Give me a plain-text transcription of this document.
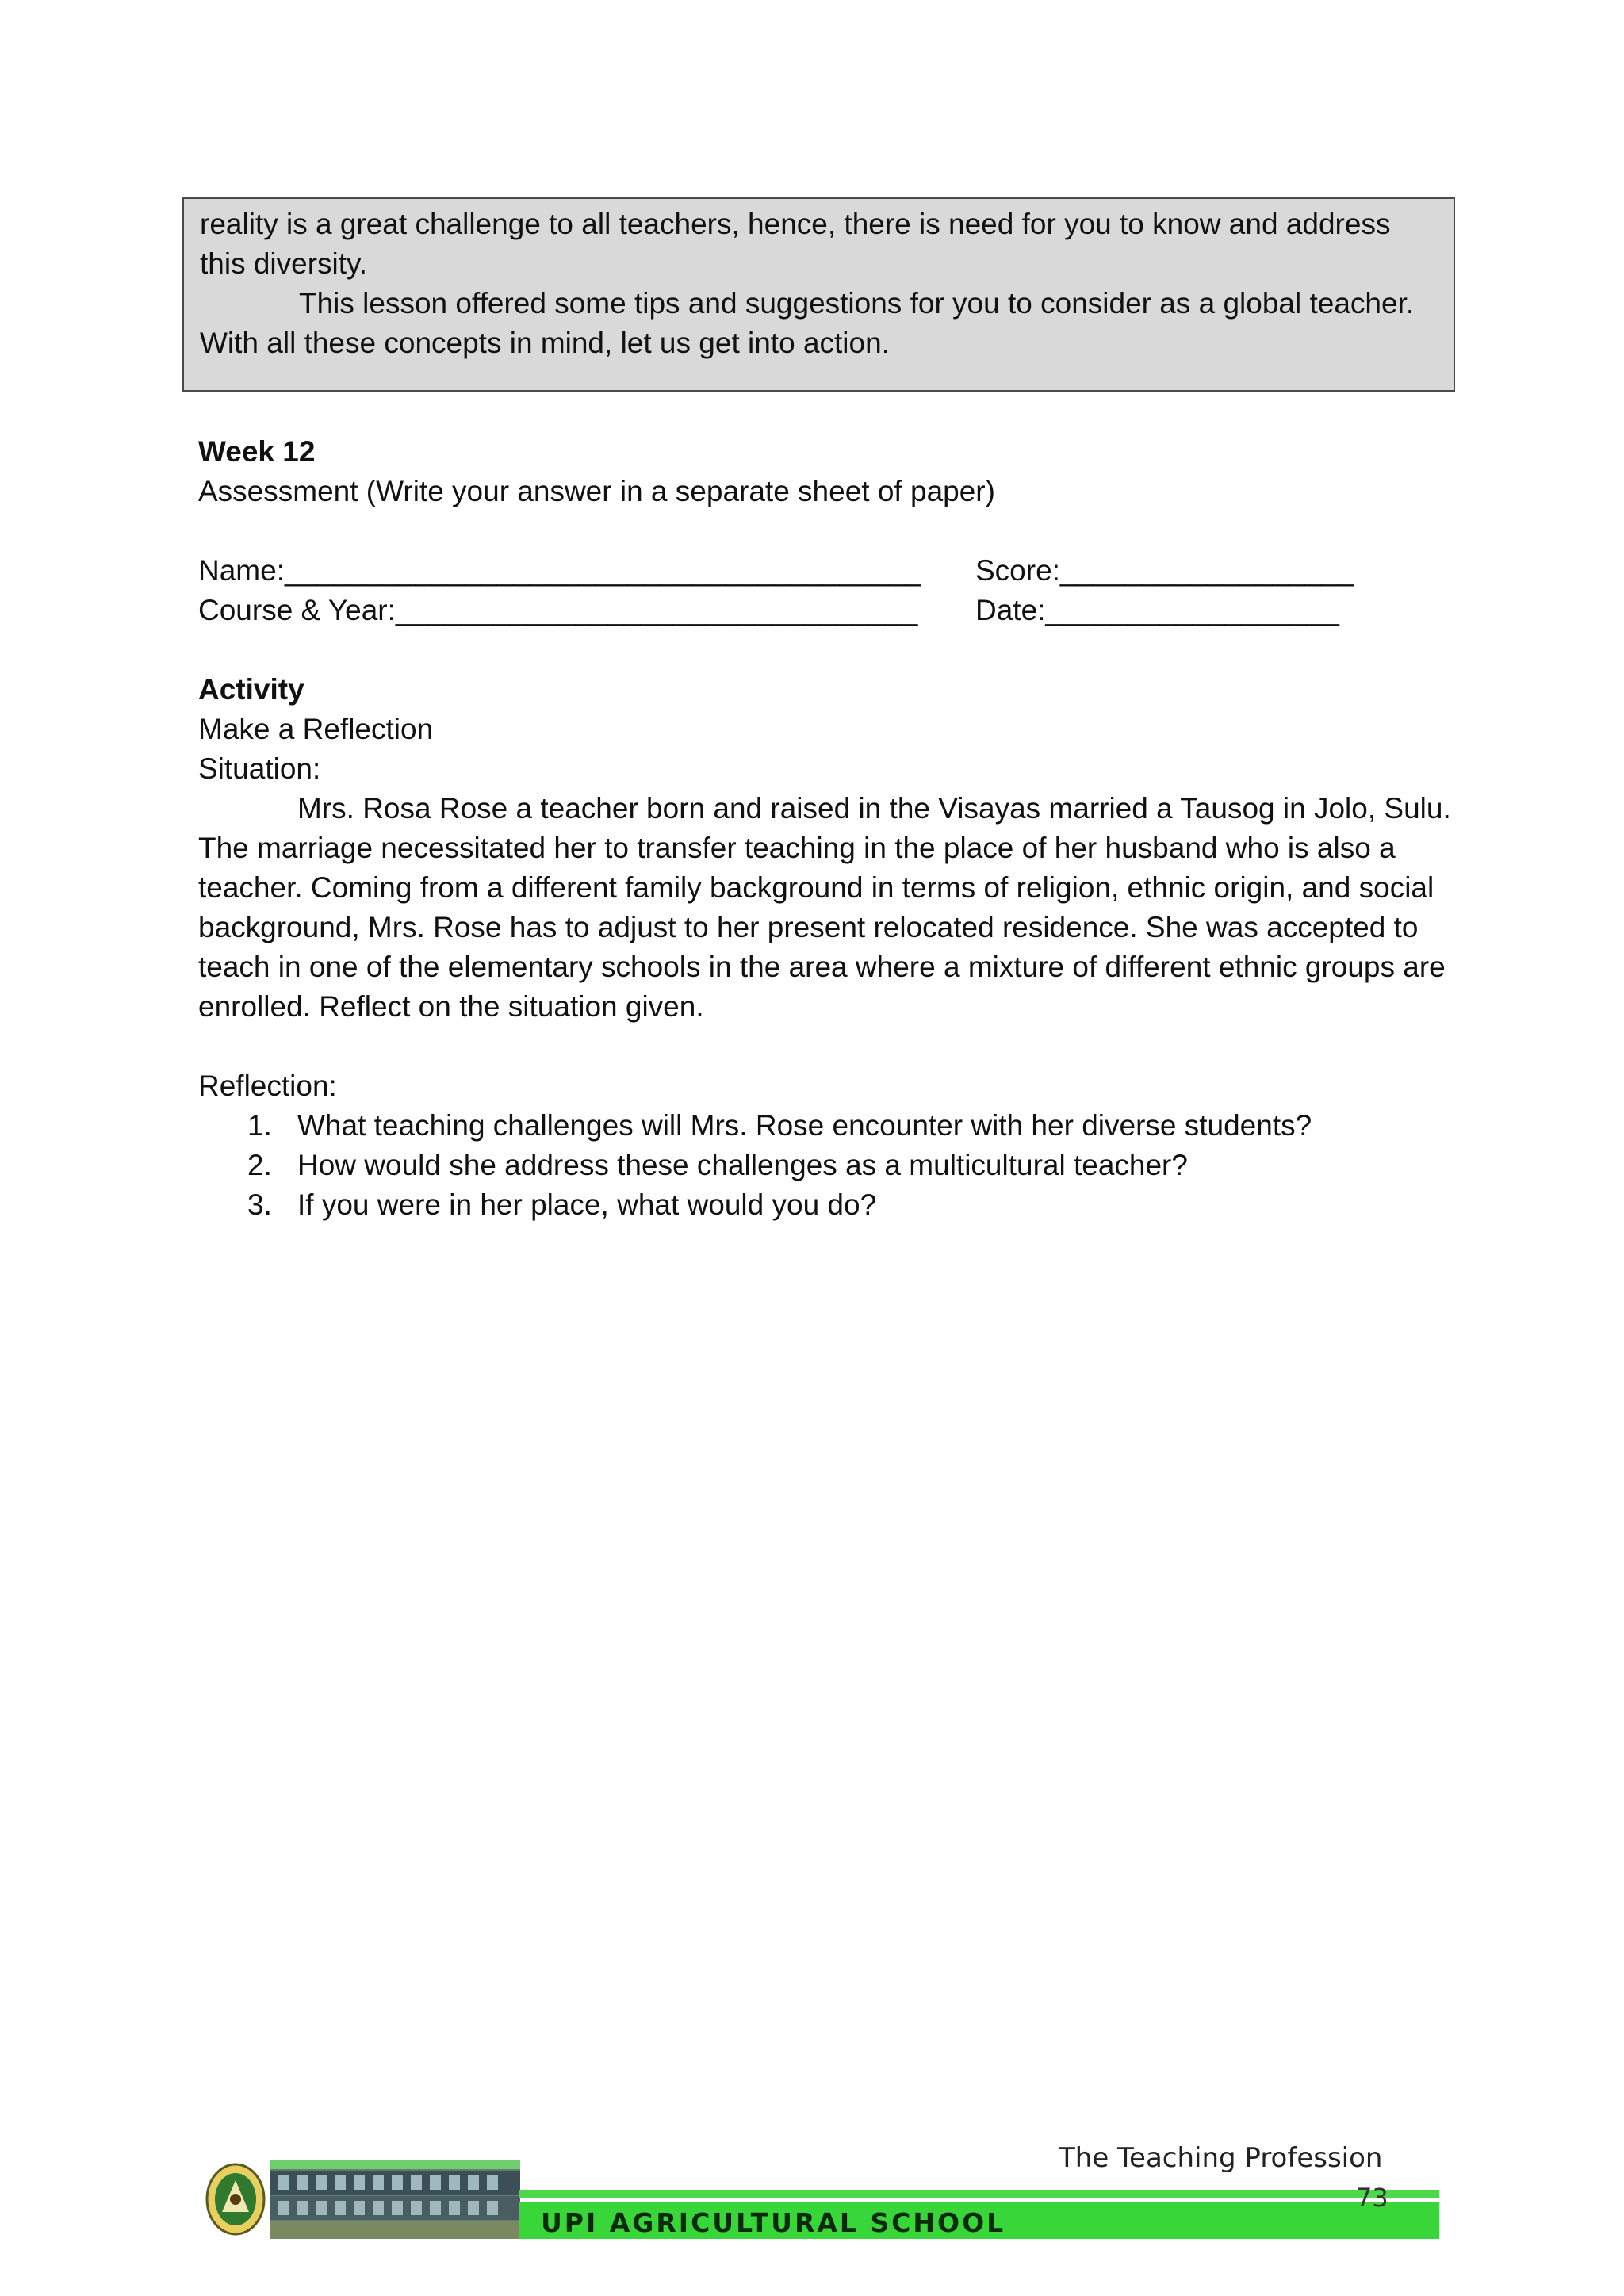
reality is a great challenge to all teachers, hence, there is need for you to know and address this diversity.

This lesson offered some tips and suggestions for you to consider as a global teacher. With all these concepts in mind, let us get into action.

Week 12

Assessment (Write your answer in a separate sheet of paper)

Name:_______________________________________ Score:__________________
Course & Year:________________________________ Date:__________________

Activity

Make a Reflection

Situation:

Mrs. Rosa Rose a teacher born and raised in the Visayas married a Tausog in Jolo, Sulu. The marriage necessitated her to transfer teaching in the place of her husband who is also a teacher. Coming from a different family background in terms of religion, ethnic origin, and social background, Mrs. Rose has to adjust to her present relocated residence. She was accepted to teach in one of the elementary schools in the area where a mixture of different ethnic groups are enrolled. Reflect on the situation given.

Reflection:

What teaching challenges will Mrs. Rose encounter with her diverse students?
How would she address these challenges as a multicultural teacher?
If you were in her place, what would you do?
The Teaching Profession
UPI AGRICULTURAL SCHOOL
73
